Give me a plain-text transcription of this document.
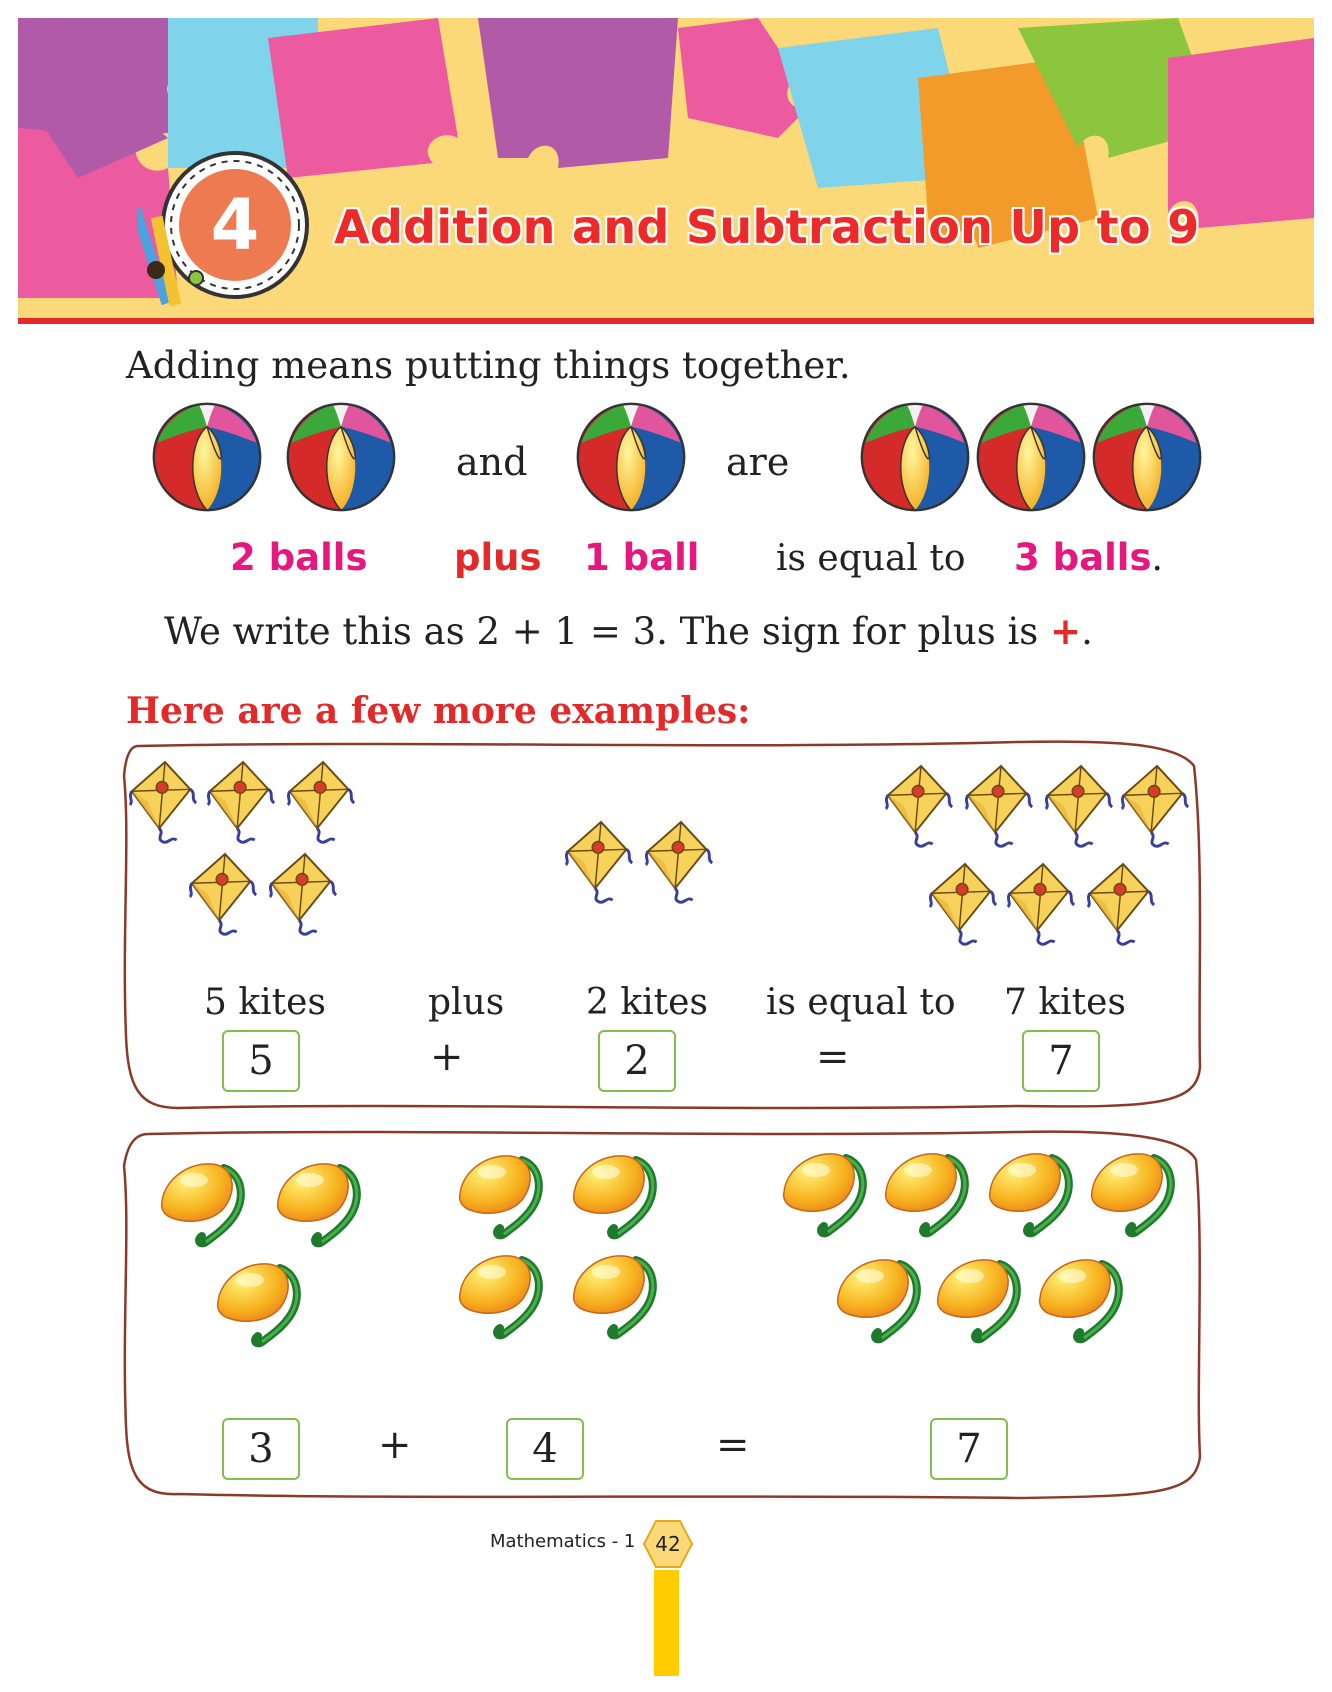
4	Addition and Subtraction Up to 9
Adding means putting things together.
and	are
2 balls plus 1 ball is equal to 3 balls.
We write this as 2 + 1 = 3. The sign for plus is +.
Here are a few more examples:
5 kites	plus 2 kites is equal to 7 kites
5	+	2	=	7
3	+	4	=	7
Mathematics - 1 42
